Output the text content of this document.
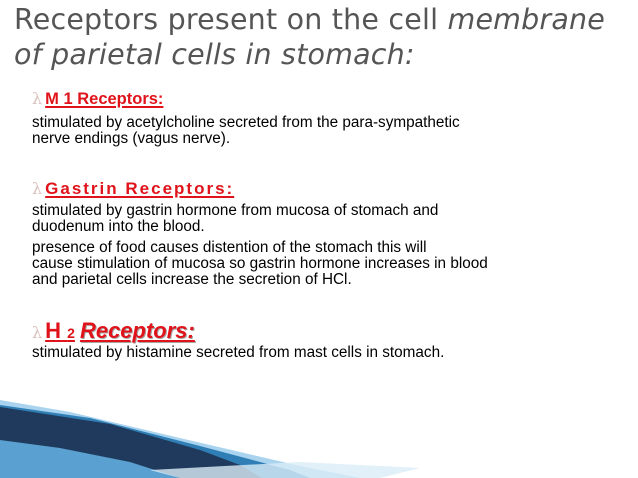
Receptors present on the cell membrane
of parietal cells in stomach:
λ M 1 Receptors:
stimulated by acetylcholine secreted from the para-sympathetic
nerve endings (vagus nerve).
λ Gastrin Receptors:
stimulated by gastrin hormone from mucosa of stomach and
duodenum into the blood.
presence of food causes distention of the stomach this will
cause stimulation of mucosa so gastrin hormone increases in blood
and parietal cells increase the secretion of HCl.
λ H 2 Receptors:
stimulated by histamine secreted from mast cells in stomach.
